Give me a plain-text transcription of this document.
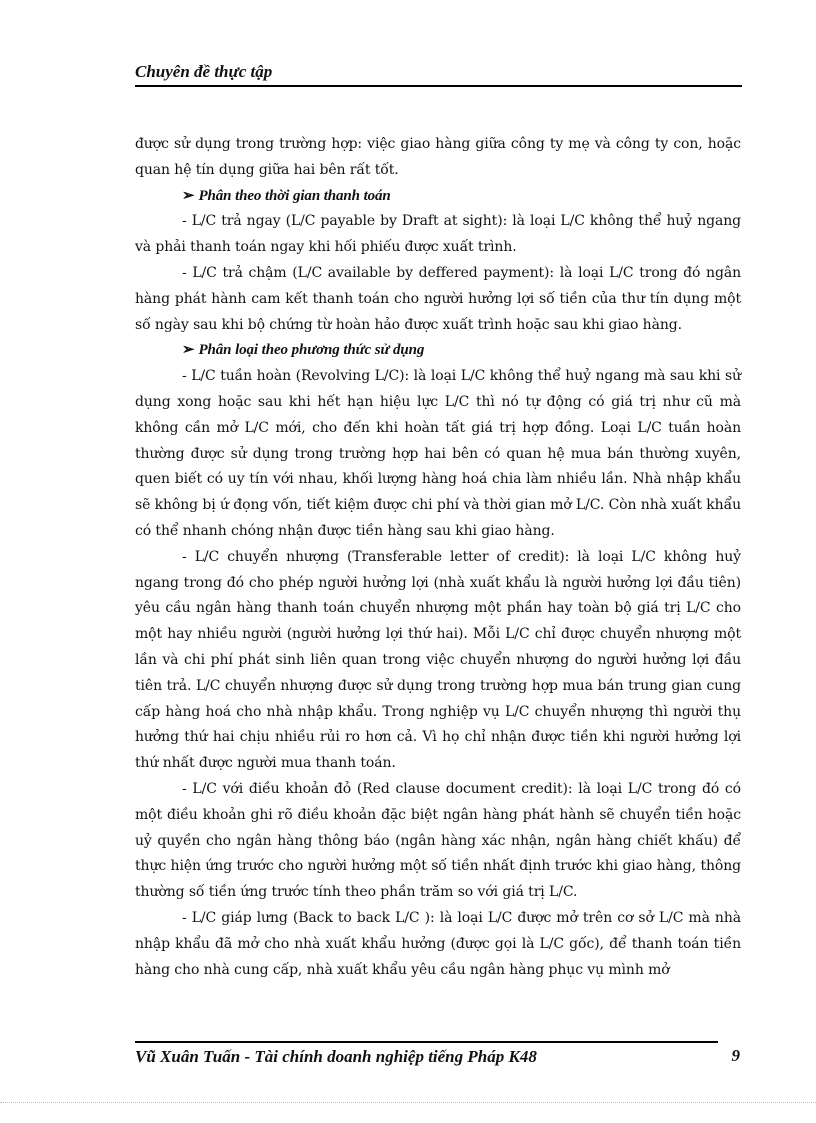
Chuyên đề thực tập

được sử dụng trong trường hợp: việc giao hàng giữa công ty mẹ và công ty con, hoặc quan hệ tín dụng giữa hai bên rất tốt.

➢ Phân theo thời gian thanh toán

- L/C trả ngay (L/C payable by Draft at sight): là loại L/C không thể huỷ ngang và phải thanh toán ngay khi hối phiếu được xuất trình.

- L/C trả chậm (L/C available by deffered payment): là loại L/C trong đó ngân hàng phát hành cam kết thanh toán cho người hưởng lợi số tiền của thư tín dụng một số ngày sau khi bộ chứng từ hoàn hảo được xuất trình hoặc sau khi giao hàng.

➢ Phân loại theo phương thức sử dụng

- L/C tuần hoàn (Revolving L/C): là loại L/C không thể huỷ ngang mà sau khi sử dụng xong hoặc sau khi hết hạn hiệu lực L/C thì nó tự động có giá trị như cũ mà không cần mở L/C mới, cho đến khi hoàn tất giá trị hợp đồng. Loại L/C tuần hoàn thường được sử dụng trong trường hợp hai bên có quan hệ mua bán thường xuyên, quen biết có uy tín với nhau, khối lượng hàng hoá chia làm nhiều lần. Nhà nhập khẩu sẽ không bị ứ đọng vốn, tiết kiệm được chi phí và thời gian mở L/C. Còn nhà xuất khẩu có thể nhanh chóng nhận được tiền hàng sau khi giao hàng.

- L/C chuyển nhượng (Transferable letter of credit): là loại L/C không huỷ ngang trong đó cho phép người hưởng lợi (nhà xuất khẩu là người hưởng lợi đầu tiên) yêu cầu ngân hàng thanh toán chuyển nhượng một phần hay toàn bộ giá trị L/C cho một hay nhiều người (người hưởng lợi thứ hai). Mỗi L/C chỉ được chuyển nhượng một lần và chi phí phát sinh liên quan trong việc chuyển nhượng do người hưởng lợi đầu tiên trả. L/C chuyển nhượng được sử dụng trong trường hợp mua bán trung gian cung cấp hàng hoá cho nhà nhập khẩu. Trong nghiệp vụ L/C chuyển nhượng thì người thụ hưởng thứ hai chịu nhiều rủi ro hơn cả. Vì họ chỉ nhận được tiền khi người hưởng lợi thứ nhất được người mua thanh toán.

- L/C với điều khoản đỏ (Red clause document credit): là loại L/C trong đó có một điều khoản ghi rõ điều khoản đặc biệt ngân hàng phát hành sẽ chuyển tiền hoặc uỷ quyền cho ngân hàng thông báo (ngân hàng xác nhận, ngân hàng chiết khấu) để thực hiện ứng trước cho người hưởng một số tiền nhất định trước khi giao hàng, thông thường số tiền ứng trước tính theo phần trăm so với giá trị L/C.

- L/C giáp lưng (Back to back L/C ): là loại L/C được mở trên cơ sở L/C mà nhà nhập khẩu đã mở cho nhà xuất khẩu hưởng (được gọi là L/C gốc), để thanh toán tiền hàng cho nhà cung cấp, nhà xuất khẩu yêu cầu ngân hàng phục vụ mình mở

Vũ Xuân Tuấn - Tài chính doanh nghiệp tiếng Pháp K48	9
